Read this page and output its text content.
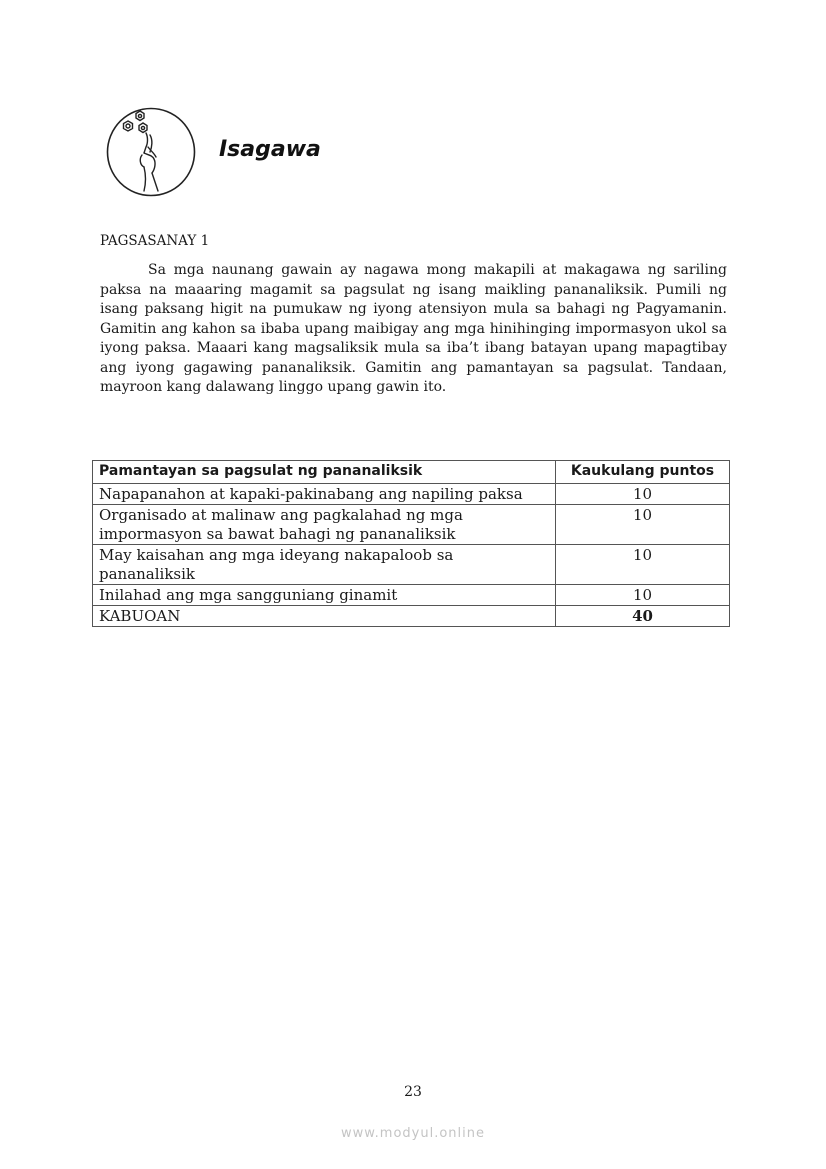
Isagawa

PAGSASANAY 1

Sa mga naunang gawain ay nagawa mong makapili at makagawa ng sariling paksa na maaaring magamit sa pagsulat ng isang maikling pananaliksik. Pumili ng isang paksang higit na pumukaw ng iyong atensiyon mula sa bahagi ng Pagyamanin. Gamitin ang kahon sa ibaba upang maibigay ang mga hinihinging impormasyon ukol sa iyong paksa. Maaari kang magsaliksik mula sa iba’t ibang batayan upang mapagtibay ang iyong gagawing pananaliksik. Gamitin ang pamantayan sa pagsulat. Tandaan, mayroon kang dalawang linggo upang gawin ito.

Pamantayan sa pagsulat ng pananaliksik	Kaukulang puntos
Napapanahon at kapaki-pakinabang ang napiling paksa	10
Organisado at malinaw ang pagkalahad ng mga impormasyon sa bawat bahagi ng pananaliksik	10
May kaisahan ang mga ideyang nakapaloob sa pananaliksik	10
Inilahad ang mga sangguniang ginamit	10
KABUOAN	40

23

www.modyul.online
